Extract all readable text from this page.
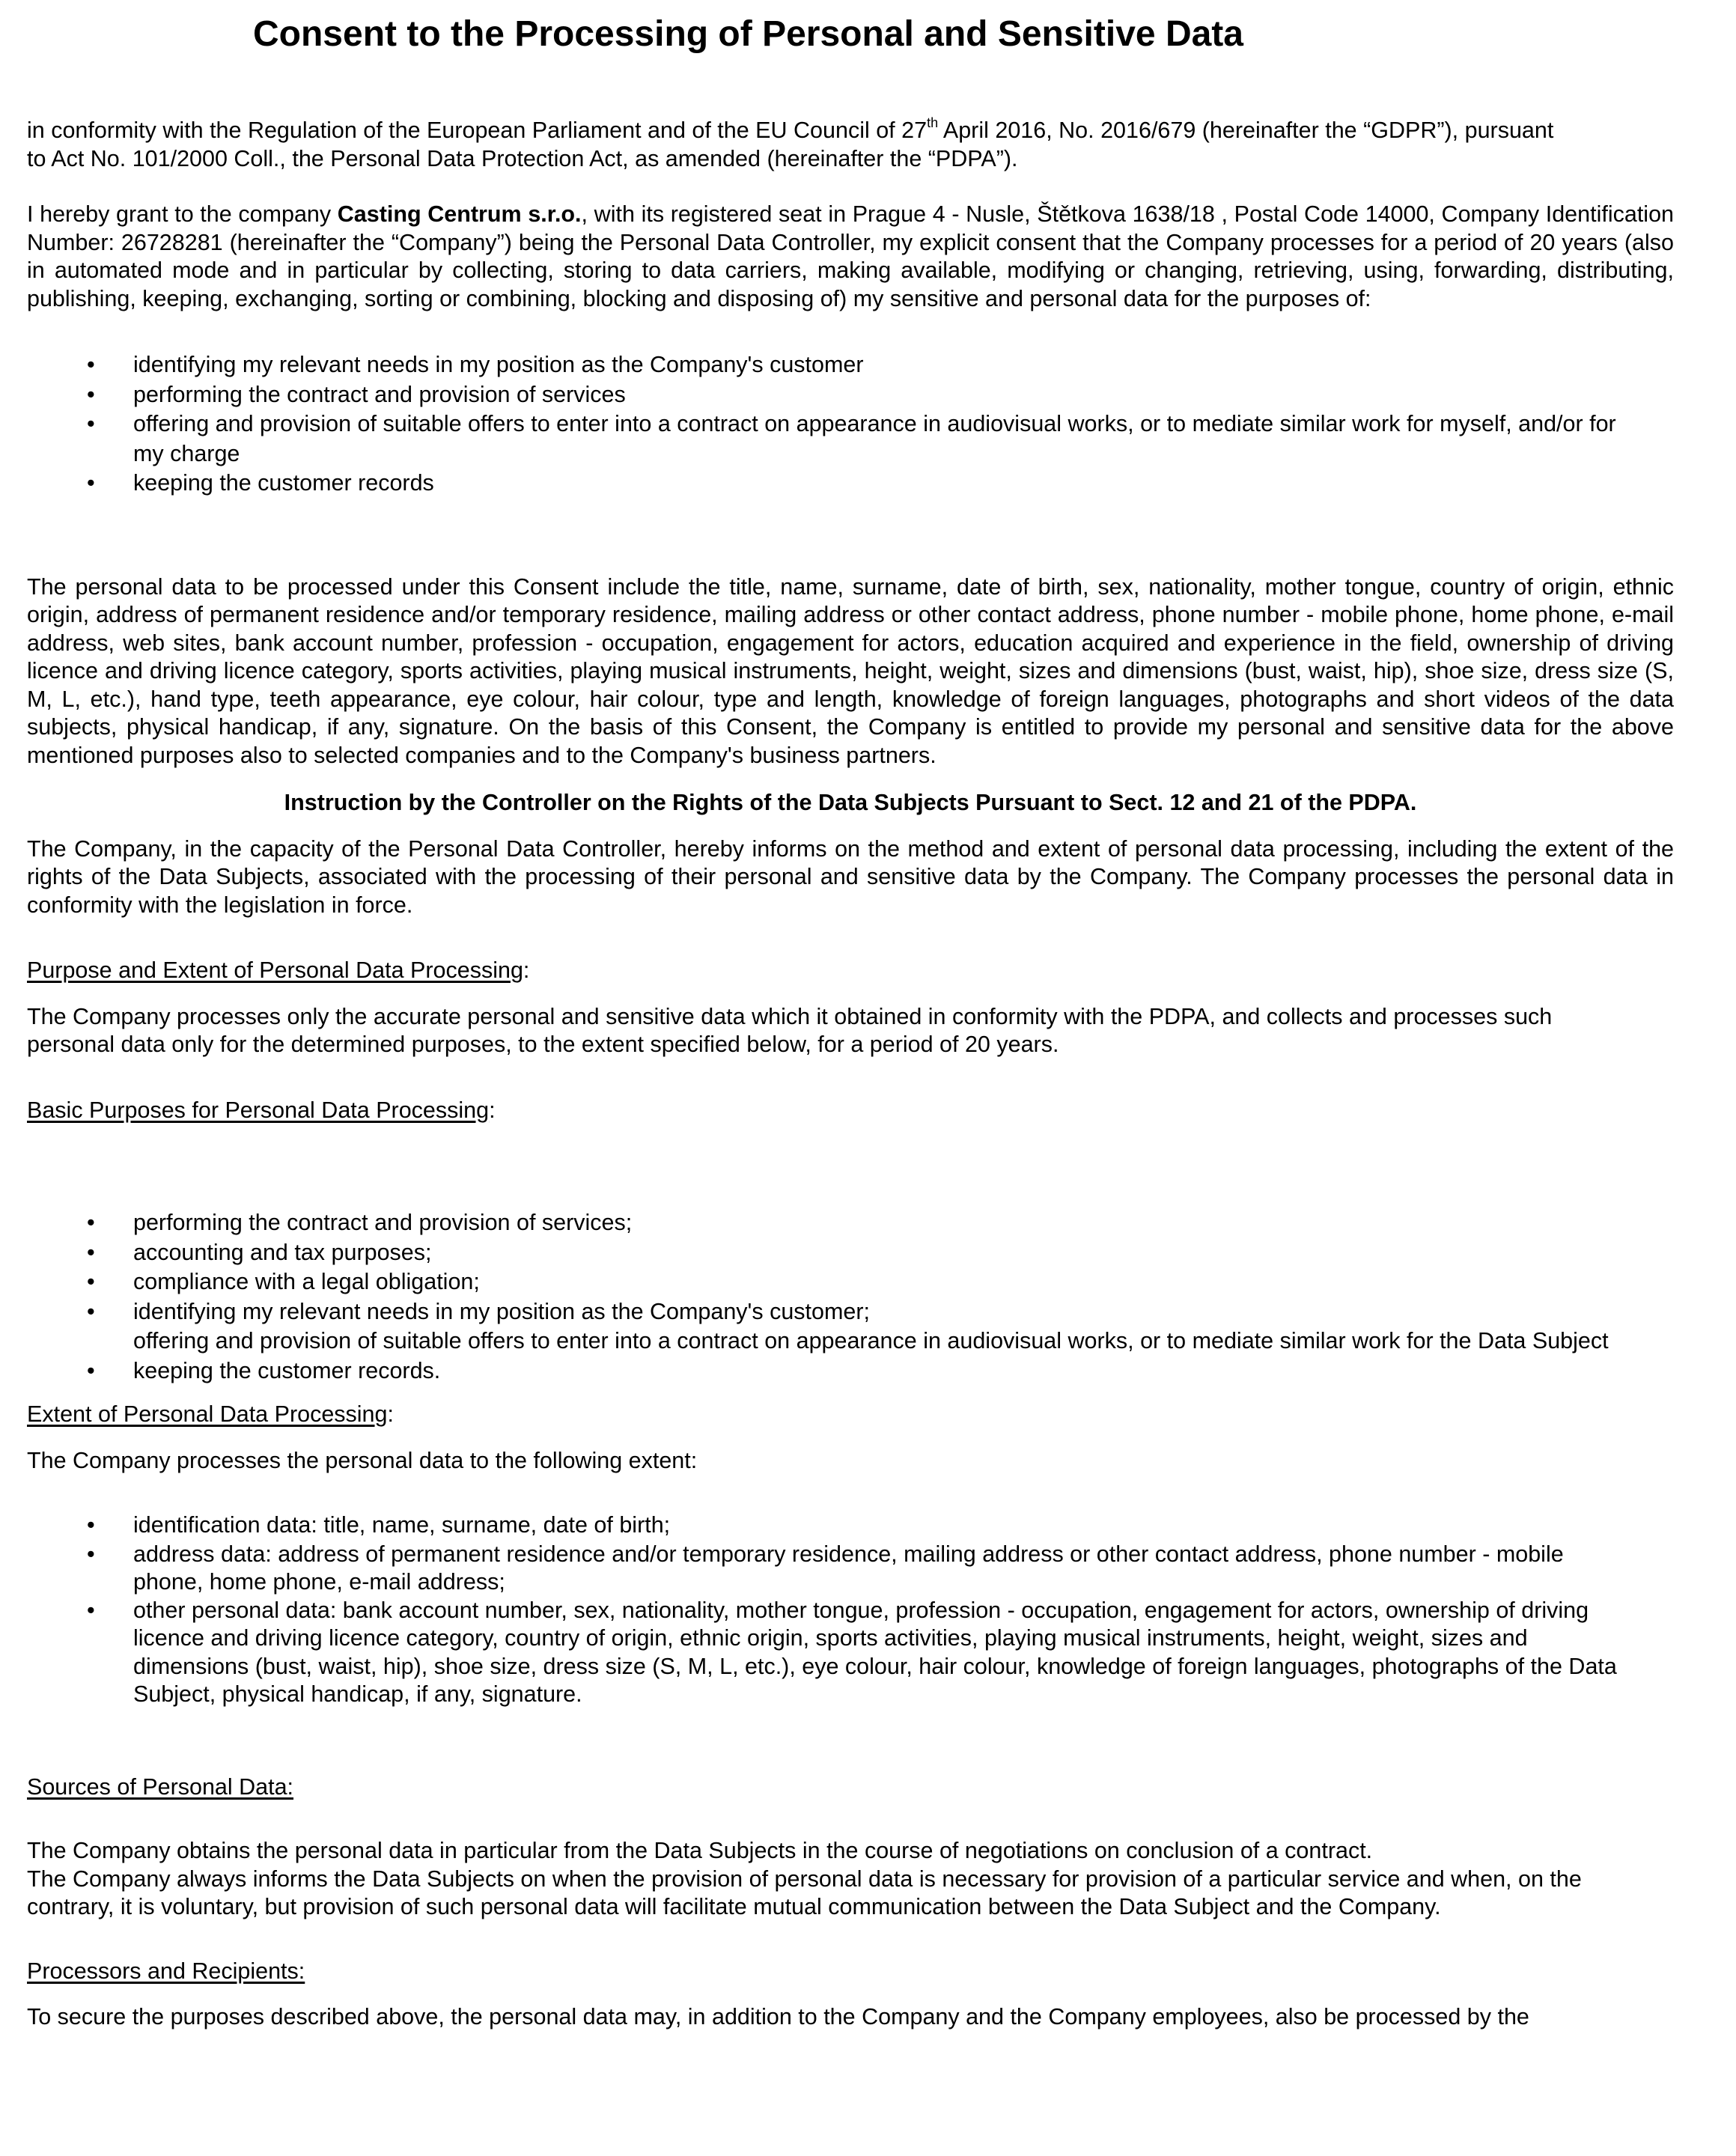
Consent to the Processing of Personal and Sensitive Data

in conformity with the Regulation of the European Parliament and of the EU Council of 27th April 2016, No. 2016/679 (hereinafter the “GDPR”), pursuant to Act No. 101/2000 Coll., the Personal Data Protection Act, as amended (hereinafter the “PDPA”).

I hereby grant to the company Casting Centrum s.r.o., with its registered seat in Prague 4 - Nusle, Štětkova 1638/18 , Postal Code 14000, Company Identification Number: 26728281 (hereinafter the “Company”) being the Personal Data Controller, my explicit consent that the Company processes for a period of 20 years (also in automated mode and in particular by collecting, storing to data carriers, making available, modifying or changing, retrieving, using, forwarding, distributing, publishing, keeping, exchanging, sorting or combining, blocking and disposing of) my sensitive and personal data for the purposes of:

• identifying my relevant needs in my position as the Company's customer
• performing the contract and provision of services
• offering and provision of suitable offers to enter into a contract on appearance in audiovisual works, or to mediate similar work for myself, and/or for my charge
• keeping the customer records

The personal data to be processed under this Consent include the title, name, surname, date of birth, sex, nationality, mother tongue, country of origin, ethnic origin, address of permanent residence and/or temporary residence, mailing address or other contact address, phone number - mobile phone, home phone, e-mail address, web sites, bank account number, profession - occupation, engagement for actors, education acquired and experience in the field, ownership of driving licence and driving licence category, sports activities, playing musical instruments, height, weight, sizes and dimensions (bust, waist, hip), shoe size, dress size (S, M, L, etc.), hand type, teeth appearance, eye colour, hair colour, type and length, knowledge of foreign languages, photographs and short videos of the data subjects, physical handicap, if any, signature. On the basis of this Consent, the Company is entitled to provide my personal and sensitive data for the above mentioned purposes also to selected companies and to the Company's business partners.

Instruction by the Controller on the Rights of the Data Subjects Pursuant to Sect. 12 and 21 of the PDPA.

The Company, in the capacity of the Personal Data Controller, hereby informs on the method and extent of personal data processing, including the extent of the rights of the Data Subjects, associated with the processing of their personal and sensitive data by the Company. The Company processes the personal data in conformity with the legislation in force.

Purpose and Extent of Personal Data Processing:

The Company processes only the accurate personal and sensitive data which it obtained in conformity with the PDPA, and collects and processes such personal data only for the determined purposes, to the extent specified below, for a period of 20 years.

Basic Purposes for Personal Data Processing:

• performing the contract and provision of services;
• accounting and tax purposes;
• compliance with a legal obligation;
• identifying my relevant needs in my position as the Company's customer;
offering and provision of suitable offers to enter into a contract on appearance in audiovisual works, or to mediate similar work for the Data Subject
• keeping the customer records.

Extent of Personal Data Processing:

The Company processes the personal data to the following extent:

• identification data: title, name, surname, date of birth;
• address data: address of permanent residence and/or temporary residence, mailing address or other contact address, phone number - mobile phone, home phone, e-mail address;
• other personal data: bank account number, sex, nationality, mother tongue, profession - occupation, engagement for actors, ownership of driving licence and driving licence category, country of origin, ethnic origin, sports activities, playing musical instruments, height, weight, sizes and dimensions (bust, waist, hip), shoe size, dress size (S, M, L, etc.), eye colour, hair colour, knowledge of foreign languages, photographs of the Data Subject, physical handicap, if any, signature.

Sources of Personal Data:

The Company obtains the personal data in particular from the Data Subjects in the course of negotiations on conclusion of a contract.

The Company always informs the Data Subjects on when the provision of personal data is necessary for provision of a particular service and when, on the contrary, it is voluntary, but provision of such personal data will facilitate mutual communication between the Data Subject and the Company.

Processors and Recipients:

To secure the purposes described above, the personal data may, in addition to the Company and the Company employees, also be processed by the
